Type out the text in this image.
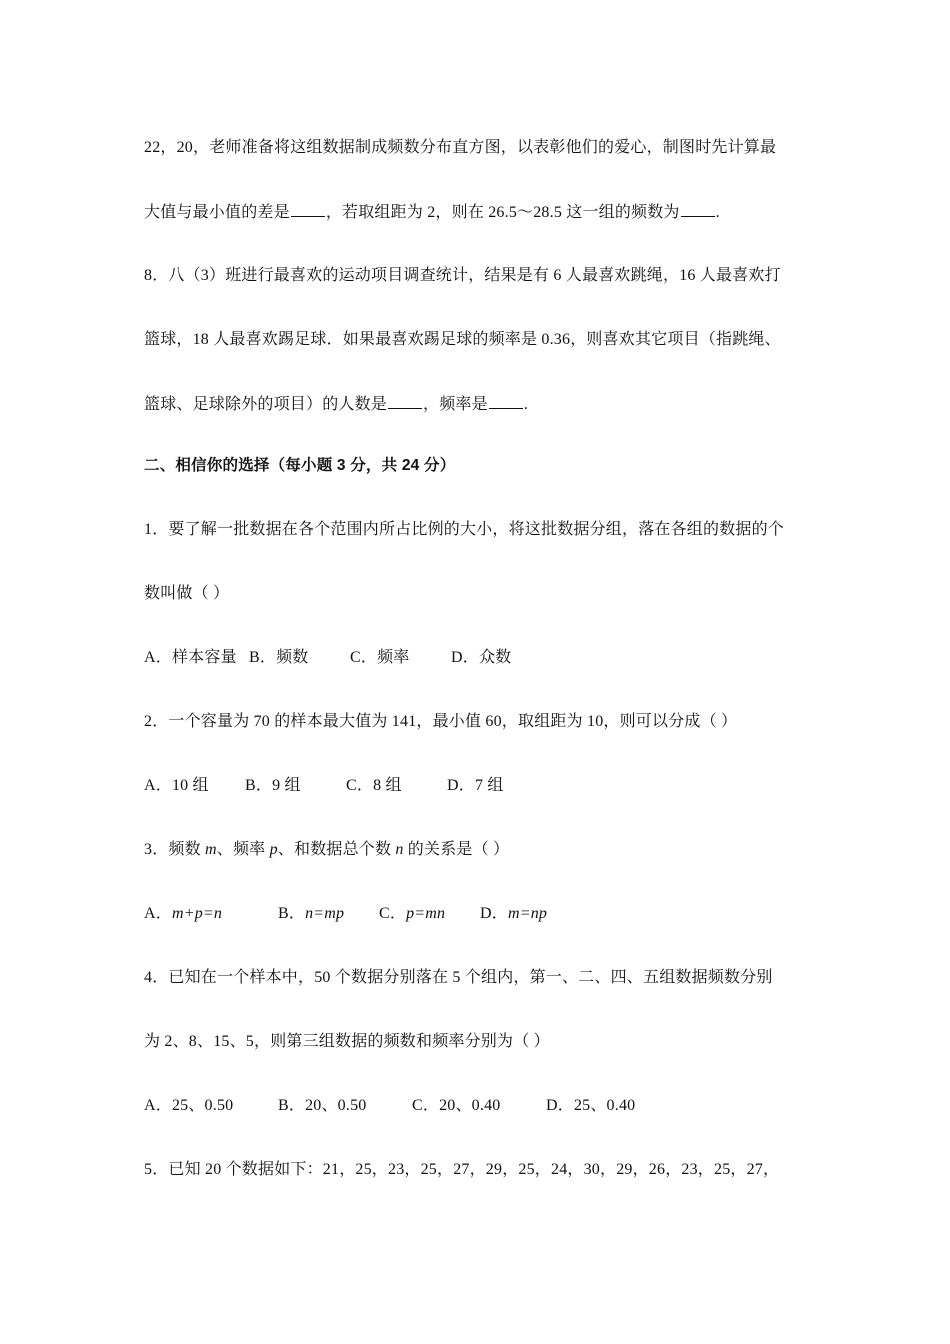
22，20，老师准备将这组数据制成频数分布直方图，以表彰他们的爱心，制图时先计算最
大值与最小值的差是 ，若取组距为 2，则在 26.5～28.5 这一组的频数为 .
8．八（3）班进行最喜欢的运动项目调查统计，结果是有 6 人最喜欢跳绳，16 人最喜欢打
篮球，18 人最喜欢踢足球．如果最喜欢踢足球的频率是 0.36，则喜欢其它项目（指跳绳、
篮球、足球除外的项目）的人数是 ，频率是 .
二、相信你的选择（每小题 3 分，共 24 分）
1．要了解一批数据在各个范围内所占比例的大小，将这批数据分组，落在各组的数据的个
数叫做（ ）
A．样本容量 B．频数	C．频率	D．众数
2．一个容量为 70 的样本最大值为 141，最小值 60，取组距为 10，则可以分成（ ）
A．10 组 B．9 组	C．8 组	D．7 组
3．频数 m、频率 p、和数据总个数 n 的关系是（ ）
A．m+p=n	B．n=mp C．p=mn D．m=np
4．已知在一个样本中，50 个数据分别落在 5 个组内，第一、二、四、五组数据频数分别
为 2、8、15、5，则第三组数据的频数和频率分别为（ ）
A．25、0.50	B．20、0.50	C．20、0.40	D．25、0.40
5．已知 20 个数据如下：21，25，23，25，27，29，25，24，30，29，26，23，25，27，
